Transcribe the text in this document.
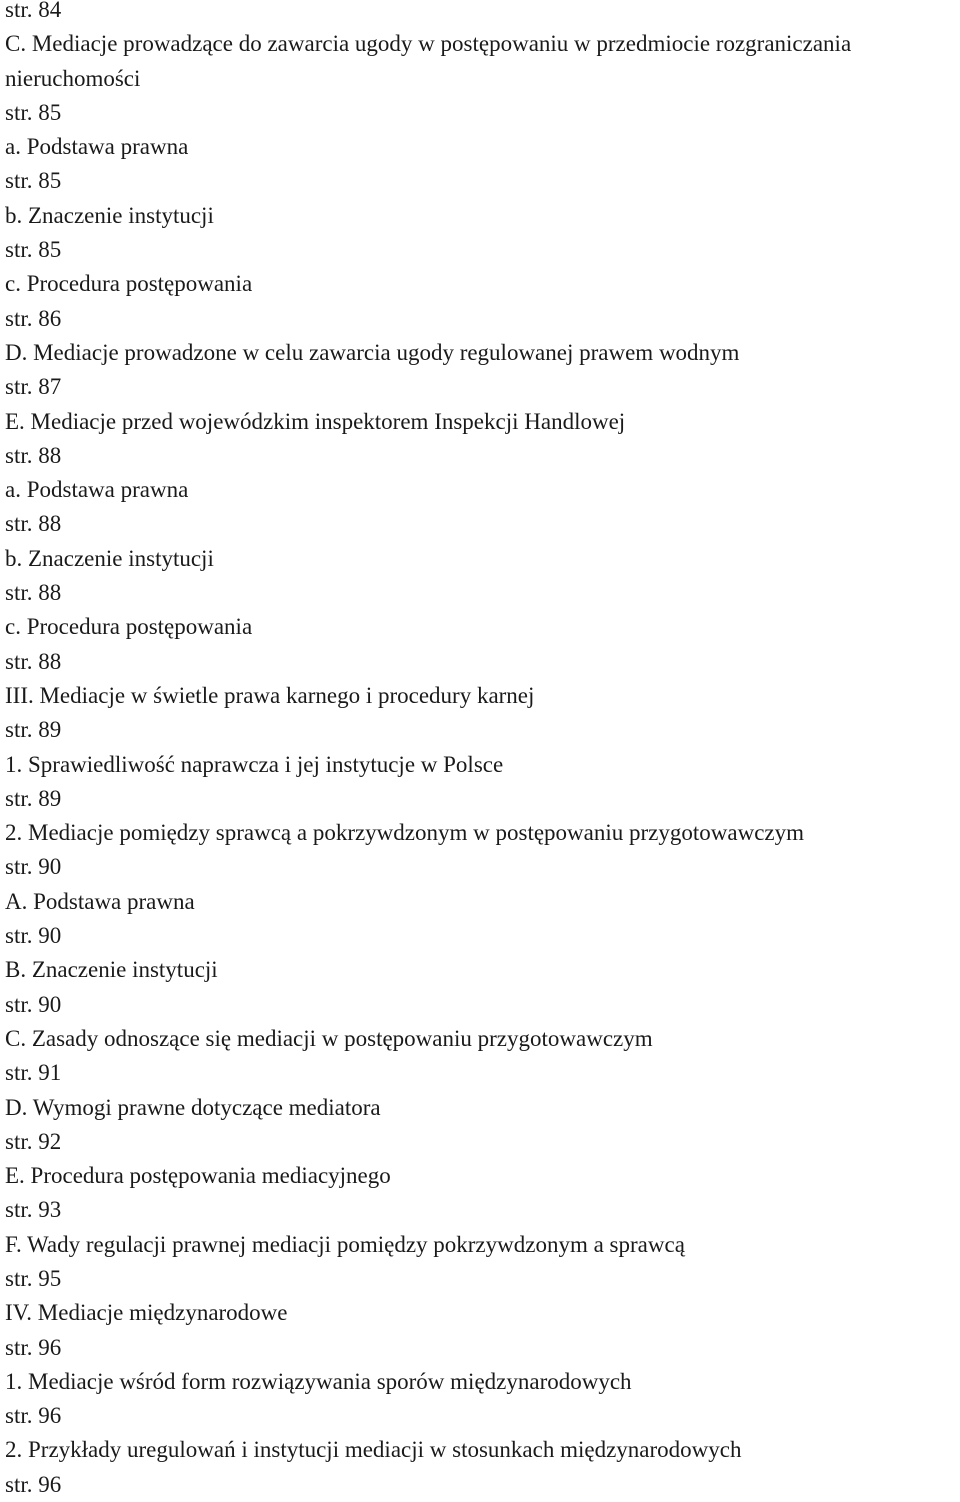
str. 84
C. Mediacje prowadzące do zawarcia ugody w postępowaniu w przedmiocie rozgraniczania
nieruchomości
str. 85
a. Podstawa prawna
str. 85
b. Znaczenie instytucji
str. 85
c. Procedura postępowania
str. 86
D. Mediacje prowadzone w celu zawarcia ugody regulowanej prawem wodnym
str. 87
E. Mediacje przed wojewódzkim inspektorem Inspekcji Handlowej
str. 88
a. Podstawa prawna
str. 88
b. Znaczenie instytucji
str. 88
c. Procedura postępowania
str. 88
III. Mediacje w świetle prawa karnego i procedury karnej
str. 89
1. Sprawiedliwość naprawcza i jej instytucje w Polsce
str. 89
2. Mediacje pomiędzy sprawcą a pokrzywdzonym w postępowaniu przygotowawczym
str. 90
A. Podstawa prawna
str. 90
B. Znaczenie instytucji
str. 90
C. Zasady odnoszące się mediacji w postępowaniu przygotowawczym
str. 91
D. Wymogi prawne dotyczące mediatora
str. 92
E. Procedura postępowania mediacyjnego
str. 93
F. Wady regulacji prawnej mediacji pomiędzy pokrzywdzonym a sprawcą
str. 95
IV. Mediacje międzynarodowe
str. 96
1. Mediacje wśród form rozwiązywania sporów międzynarodowych
str. 96
2. Przykłady uregulowań i instytucji mediacji w stosunkach międzynarodowych
str. 96
